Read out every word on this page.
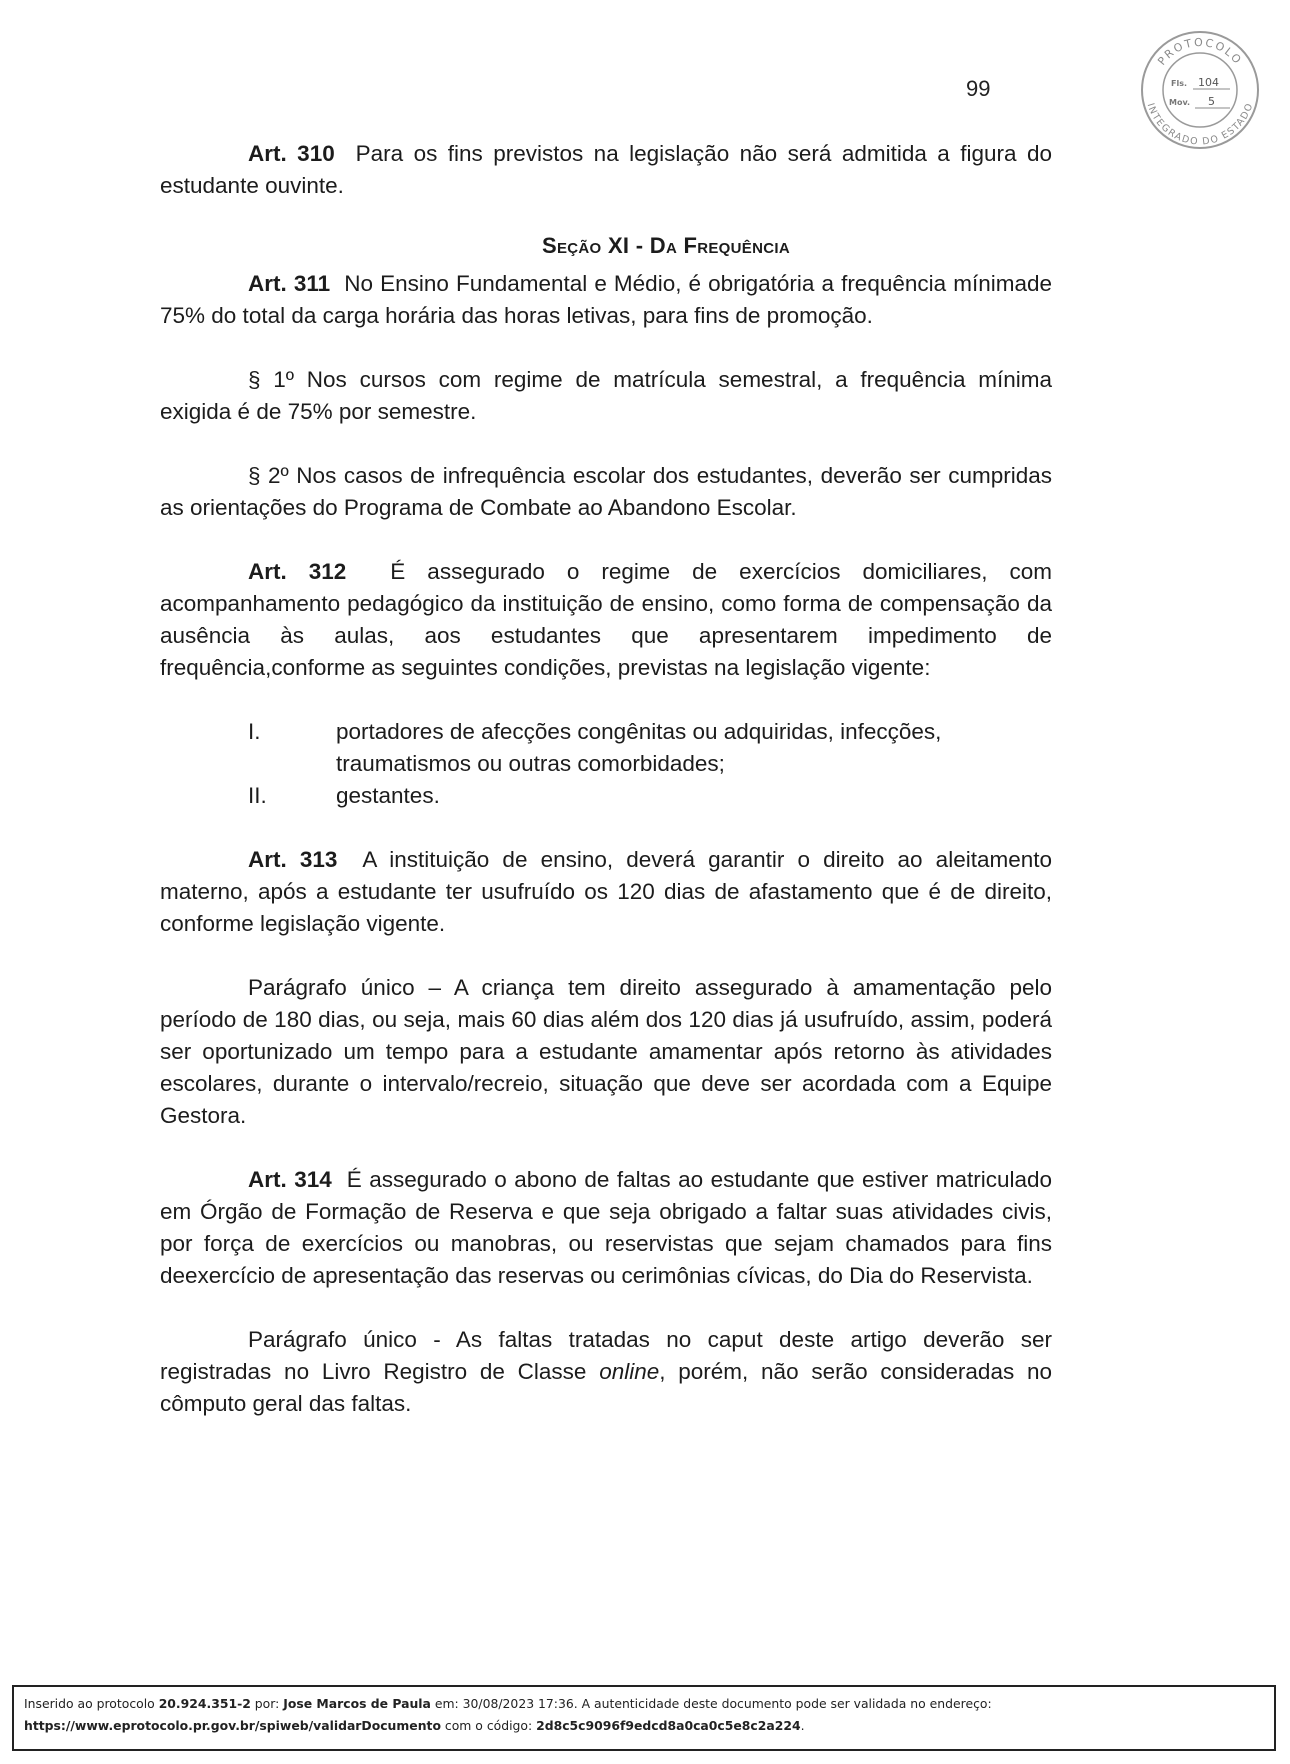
99
PROTOCOLO
INTEGRADO DO ESTADO
Fls. 104
Mov. 5

Art. 310 Para os fins previstos na legislação não será admitida a figura do estudante ouvinte.

Seção XI - Da Frequência

Art. 311 No Ensino Fundamental e Médio, é obrigatória a frequência mínimade 75% do total da carga horária das horas letivas, para fins de promoção.

§ 1º Nos cursos com regime de matrícula semestral, a frequência mínima exigida é de 75% por semestre.

§ 2º Nos casos de infrequência escolar dos estudantes, deverão ser cumpridas as orientações do Programa de Combate ao Abandono Escolar.

Art. 312 É assegurado o regime de exercícios domiciliares, com acompanhamento pedagógico da instituição de ensino, como forma de compensação da ausência às aulas, aos estudantes que apresentarem impedimento de frequência,conforme as seguintes condições, previstas na legislação vigente:

I.	portadores de afecções congênitas ou adquiridas, infecções, traumatismos ou outras comorbidades;
II.	gestantes.

Art. 313 A instituição de ensino, deverá garantir o direito ao aleitamento materno, após a estudante ter usufruído os 120 dias de afastamento que é de direito, conforme legislação vigente.

Parágrafo único – A criança tem direito assegurado à amamentação pelo período de 180 dias, ou seja, mais 60 dias além dos 120 dias já usufruído, assim, poderá ser oportunizado um tempo para a estudante amamentar após retorno às atividades escolares, durante o intervalo/recreio, situação que deve ser acordada com a Equipe Gestora.

Art. 314 É assegurado o abono de faltas ao estudante que estiver matriculado em Órgão de Formação de Reserva e que seja obrigado a faltar suas atividades civis, por força de exercícios ou manobras, ou reservistas que sejam chamados para fins deexercício de apresentação das reservas ou cerimônias cívicas, do Dia do Reservista.

Parágrafo único - As faltas tratadas no caput deste artigo deverão ser registradas no Livro Registro de Classe online, porém, não serão consideradas no cômputo geral das faltas.

Inserido ao protocolo 20.924.351-2 por: Jose Marcos de Paula em: 30/08/2023 17:36. A autenticidade deste documento pode ser validada no endereço:
https://www.eprotocolo.pr.gov.br/spiweb/validarDocumento com o código: 2d8c5c9096f9edcd8a0ca0c5e8c2a224.
